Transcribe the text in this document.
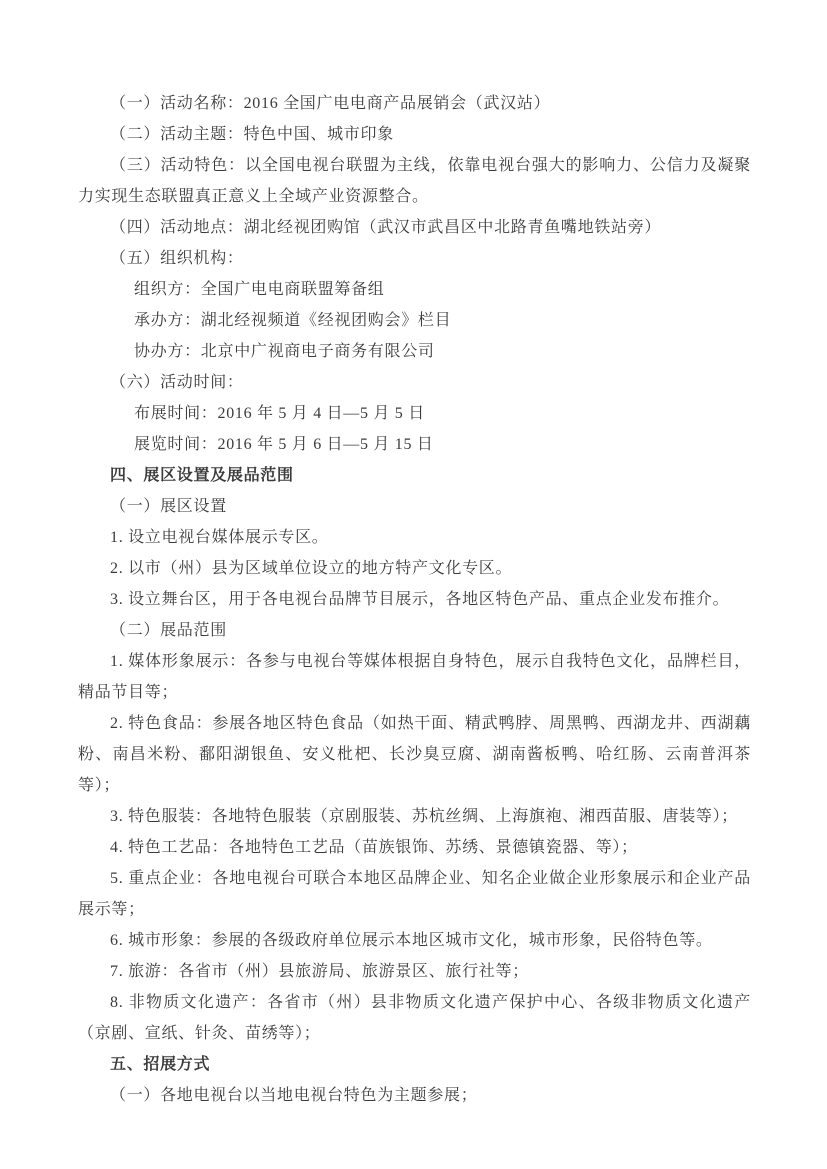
（一）活动名称：2016 全国广电电商产品展销会（武汉站）

（二）活动主题：特色中国、城市印象

（三）活动特色：以全国电视台联盟为主线，依靠电视台强大的影响力、公信力及凝聚力实现生态联盟真正意义上全域产业资源整合。

（四）活动地点：湖北经视团购馆（武汉市武昌区中北路青鱼嘴地铁站旁）

（五）组织机构：

组织方：全国广电电商联盟筹备组

承办方：湖北经视频道《经视团购会》栏目

协办方：北京中广视商电子商务有限公司

（六）活动时间：

布展时间：2016 年 5 月 4 日—5 月 5 日

展览时间：2016 年 5 月 6 日—5 月 15 日

四、展区设置及展品范围

（一）展区设置

1. 设立电视台媒体展示专区。

2. 以市（州）县为区域单位设立的地方特产文化专区。

3. 设立舞台区，用于各电视台品牌节目展示，各地区特色产品、重点企业发布推介。

（二）展品范围

1. 媒体形象展示：各参与电视台等媒体根据自身特色，展示自我特色文化，品牌栏目，精品节目等；

2. 特色食品：参展各地区特色食品（如热干面、精武鸭脖、周黑鸭、西湖龙井、西湖藕粉、南昌米粉、鄱阳湖银鱼、安义枇杷、长沙臭豆腐、湖南酱板鸭、哈红肠、云南普洱茶等）；

3. 特色服装：各地特色服装（京剧服装、苏杭丝绸、上海旗袍、湘西苗服、唐装等）；

4. 特色工艺品：各地特色工艺品（苗族银饰、苏绣、景德镇瓷器、等）；

5. 重点企业：各地电视台可联合本地区品牌企业、知名企业做企业形象展示和企业产品展示等；

6. 城市形象：参展的各级政府单位展示本地区城市文化，城市形象，民俗特色等。

7. 旅游：各省市（州）县旅游局、旅游景区、旅行社等；

8. 非物质文化遗产：各省市（州）县非物质文化遗产保护中心、各级非物质文化遗产（京剧、宣纸、针灸、苗绣等）；

五、招展方式

（一）各地电视台以当地电视台特色为主题参展；
